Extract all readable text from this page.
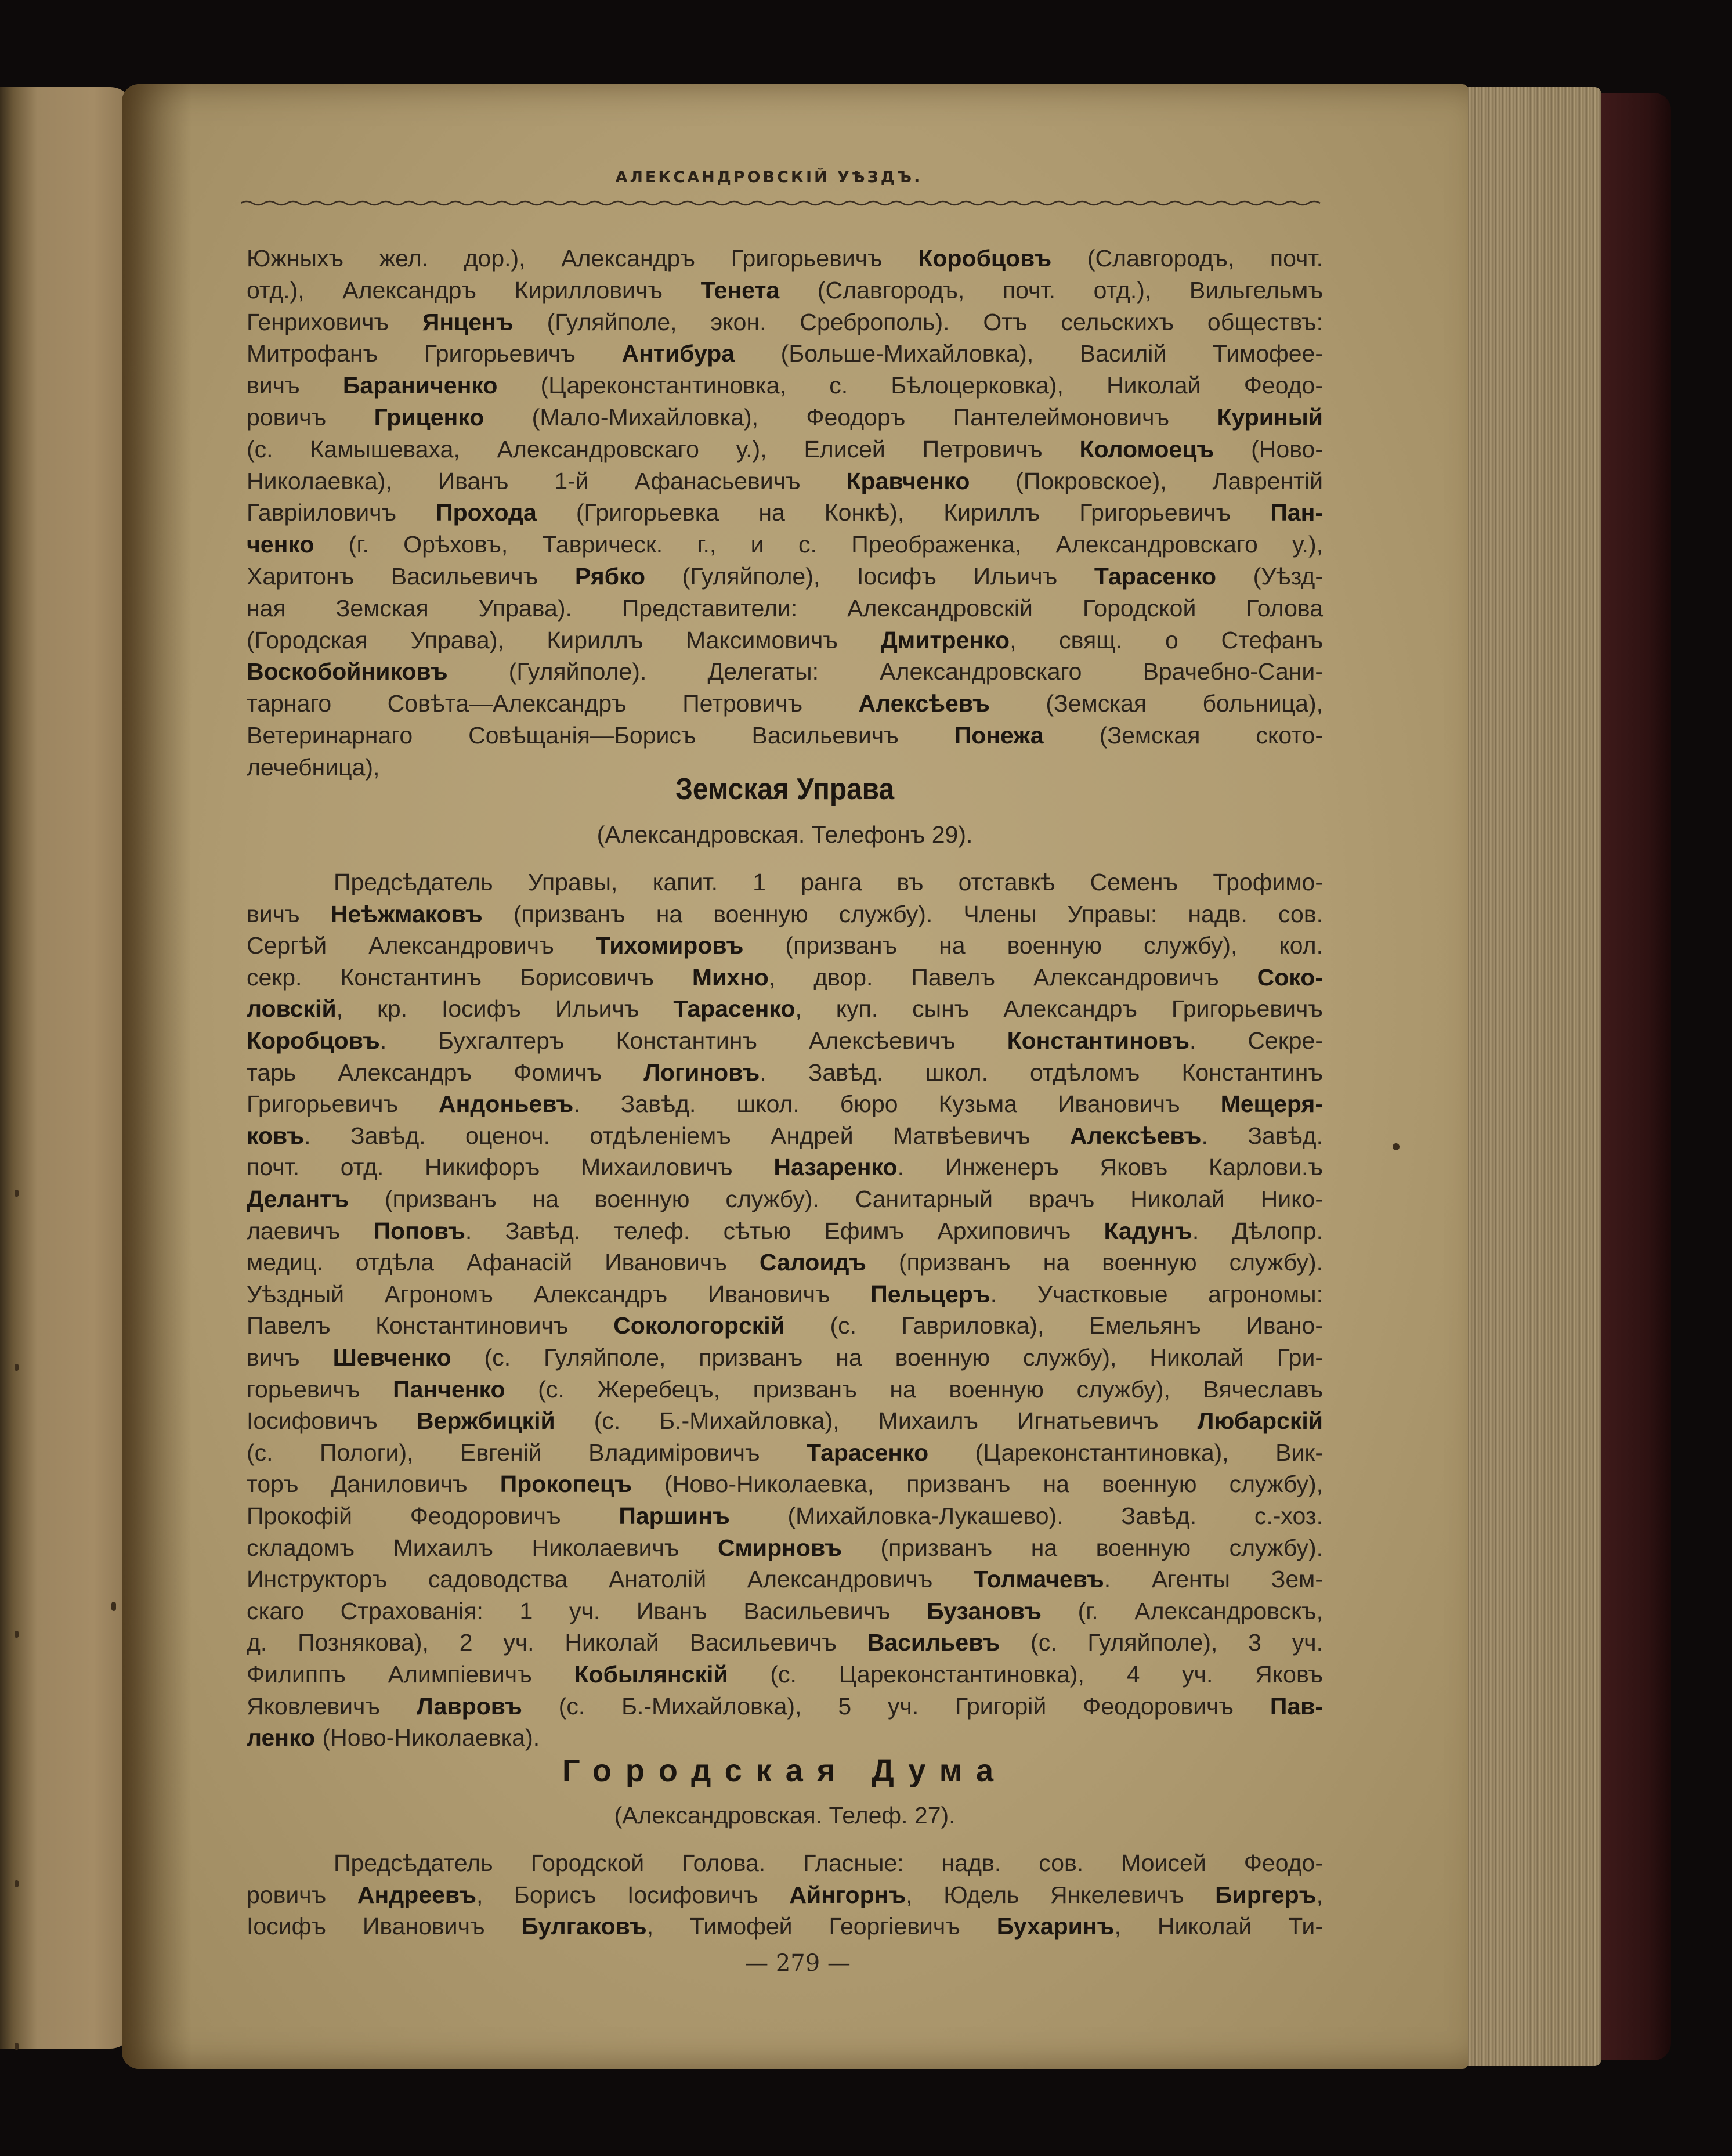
АЛЕКСАНДРОВСКІЙ УѢЗДЪ.
Южныхъ жел. дор.), Александръ Григорьевичъ Коробцовъ (Славгородъ, почт.
отд.), Александръ Кирилловичъ Тенета (Славгородъ, почт. отд.), Вильгельмъ
Генриховичъ Янценъ (Гуляйполе, экон. Среброполь). Отъ сельскихъ обществъ:
Митрофанъ Григорьевичъ Антибура (Больше-Михайловка), Василій Тимофее-
вичъ Бараниченко (Цареконстантиновка, с. Бѣлоцерковка), Николай Феодо-
ровичъ Гриценко (Мало-Михайловка), Феодоръ Пантелеймоновичъ Куриный
(с. Камышеваха, Александровскаго у.), Елисей Петровичъ Коломоецъ (Ново-
Николаевка), Иванъ 1-й Афанасьевичъ Кравченко (Покровское), Лаврентій
Гавріиловичъ Прохода (Григорьевка на Конкѣ), Кириллъ Григорьевичъ Пан-
ченко (г. Орѣховъ, Таврическ. г., и с. Преображенка, Александровскаго у.),
Харитонъ Васильевичъ Рябко (Гуляйполе), Іосифъ Ильичъ Тарасенко (Уѣзд-
ная Земская Управа). Представители: Александровскій Городской Голова
(Городская Управа), Кириллъ Максимовичъ Дмитренко, свящ. о Стефанъ
Воскобойниковъ (Гуляйполе). Делегаты: Александровскаго Врачебно-Сани-
тарнаго Совѣта—Александръ Петровичъ Алексѣевъ (Земская больница),
Ветеринарнаго Совѣщанія—Борисъ Васильевичъ Понежа (Земская ското-
лечебница),
Земская Управа
(Александровская. Телефонъ 29).
Предсѣдатель Управы, капит. 1 ранга въ отставкѣ Семенъ Трофимо-
вичъ Неѣжмаковъ (призванъ на военную службу). Члены Управы: надв. сов.
Сергѣй Александровичъ Тихомировъ (призванъ на военную службу), кол.
секр. Константинъ Борисовичъ Михно, двор. Павелъ Александровичъ Соко-
ловскій, кр. Іосифъ Ильичъ Тарасенко, куп. сынъ Александръ Григорьевичъ
Коробцовъ. Бухгалтеръ Константинъ Алексѣевичъ Константиновъ. Секре-
тарь Александръ Фомичъ Логиновъ. Завѣд. школ. отдѣломъ Константинъ
Григорьевичъ Андоньевъ. Завѣд. школ. бюро Кузьма Ивановичъ Мещеря-
ковъ. Завѣд. оценоч. отдѣленіемъ Андрей Матвѣевичъ Алексѣевъ. Завѣд.
почт. отд. Никифоръ Михаиловичъ Назаренко. Инженеръ Яковъ Карлови.ъ
Делантъ (призванъ на военную службу). Санитарный врачъ Николай Нико-
лаевичъ Поповъ. Завѣд. телеф. сѣтью Ефимъ Архиповичъ Кадунъ. Дѣлопр.
медиц. отдѣла Афанасій Ивановичъ Салоидъ (призванъ на военную службу).
Уѣздный Агрономъ Александръ Ивановичъ Пельцеръ. Участковые агрономы:
Павелъ Константиновичъ Сокологорскій (с. Гавриловка), Емельянъ Ивано-
вичъ Шевченко (с. Гуляйполе, призванъ на военную службу), Николай Гри-
горьевичъ Панченко (с. Жеребецъ, призванъ на военную службу), Вячеславъ
Іосифовичъ Вержбицкій (с. Б.-Михайловка), Михаилъ Игнатьевичъ Любарскій
(с. Пологи), Евгеній Владиміровичъ Тарасенко (Цареконстантиновка), Вик-
торъ Даниловичъ Прокопецъ (Ново-Николаевка, призванъ на военную службу),
Прокофій Феодоровичъ Паршинъ (Михайловка-Лукашево). Завѣд. с.-хоз.
складомъ Михаилъ Николаевичъ Смирновъ (призванъ на военную службу).
Инструкторъ садоводства Анатолій Александровичъ Толмачевъ. Агенты Зем-
скаго Страхованія: 1 уч. Иванъ Васильевичъ Бузановъ (г. Александровскъ,
д. Познякова), 2 уч. Николай Васильевичъ Васильевъ (с. Гуляйполе), 3 уч.
Филиппъ Алимпіевичъ Кобылянскій (с. Цареконстантиновка), 4 уч. Яковъ
Яковлевичъ Лавровъ (с. Б.-Михайловка), 5 уч. Григорій Феодоровичъ Пав-
ленко (Ново-Николаевка).
Городская Дума
(Александровская. Телеф. 27).
Предсѣдатель Городской Голова. Гласные: надв. сов. Моисей Феодо-
ровичъ Андреевъ, Борисъ Іосифовичъ Айнгорнъ, Юдель Янкелевичъ Биргеръ,
Іосифъ Ивановичъ Булгаковъ, Тимофей Георгіевичъ Бухаринъ, Николай Ти-
— 279 —
